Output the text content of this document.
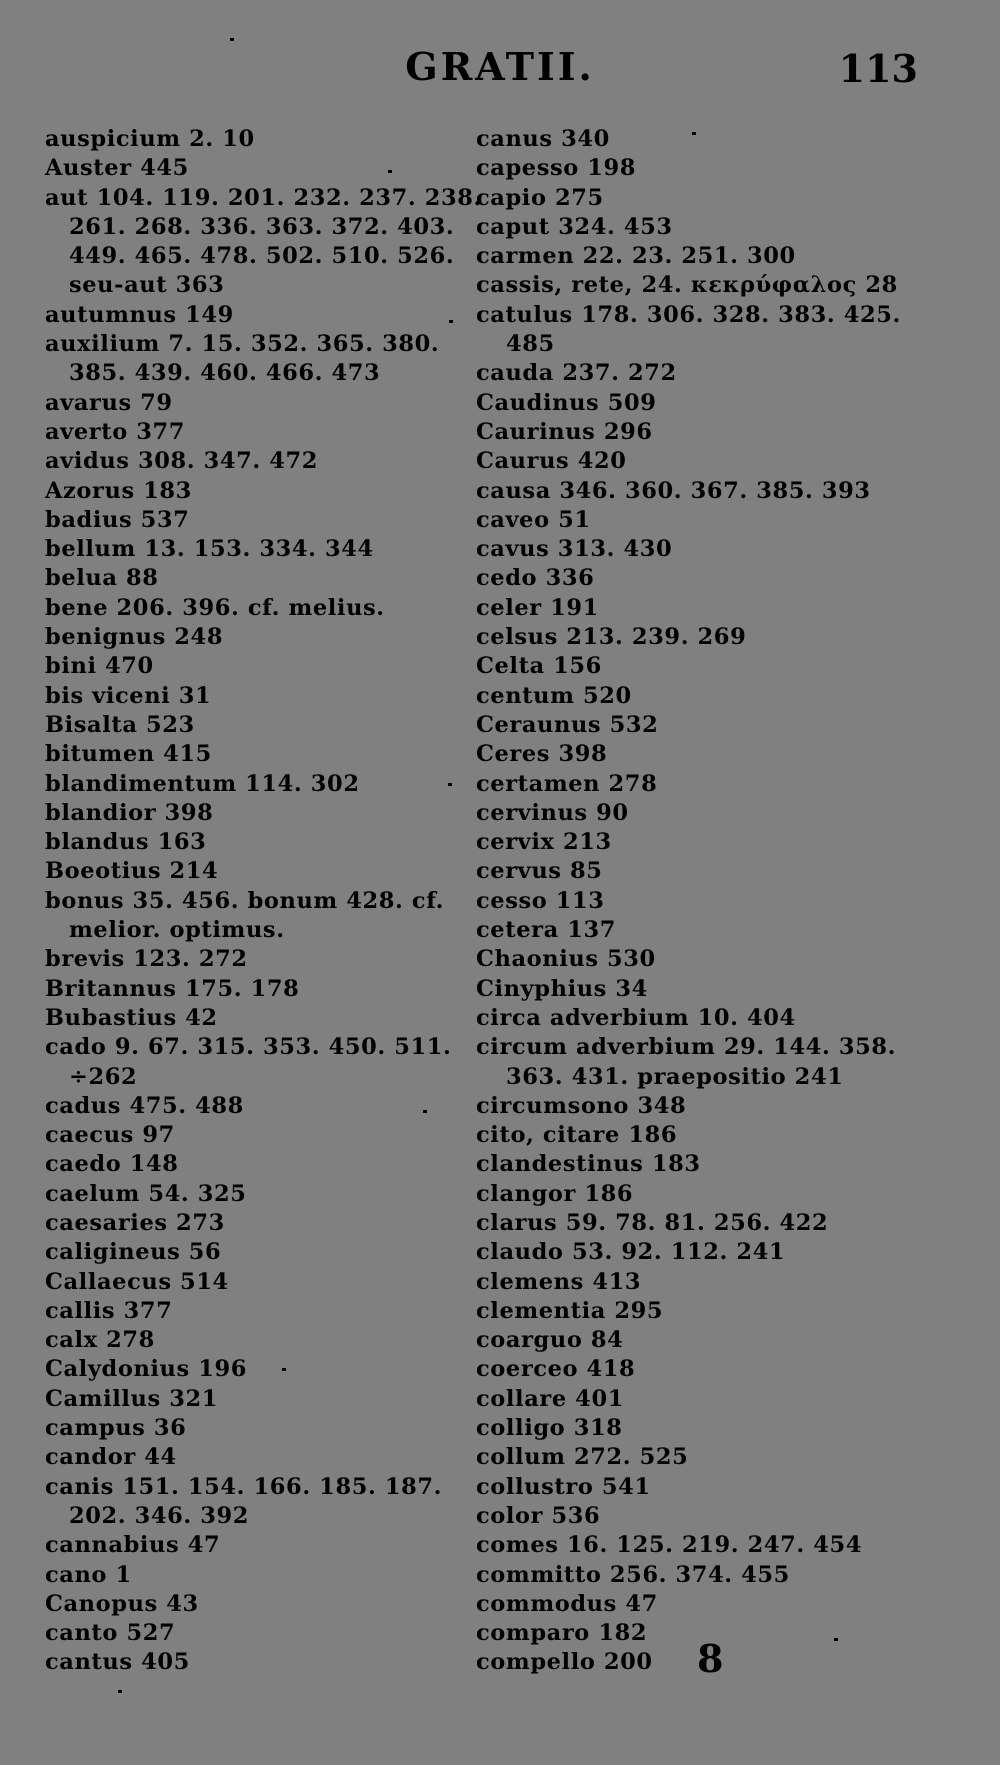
GRATII.	113
auspicium 2. 10
Auster 445
aut 104. 119. 201. 232. 237. 238.
261. 268. 336. 363. 372. 403.
449. 465. 478. 502. 510. 526.
seu-aut 363
autumnus 149
auxilium 7. 15. 352. 365. 380.
385. 439. 460. 466. 473
avarus 79
averto 377
avidus 308. 347. 472
Azorus 183
badius 537
bellum 13. 153. 334. 344
belua 88
bene 206. 396. cf. melius.
benignus 248
bini 470
bis viceni 31
Bisalta 523
bitumen 415
blandimentum 114. 302
blandior 398
blandus 163
Boeotius 214
bonus 35. 456. bonum 428. cf.
melior. optimus.
brevis 123. 272
Britannus 175. 178
Bubastius 42
cado 9. 67. 315. 353. 450. 511.
÷262
cadus 475. 488
caecus 97
caedo 148
caelum 54. 325
caesaries 273
caligineus 56
Callaecus 514
callis 377
calx 278
Calydonius 196
Camillus 321
campus 36
candor 44
canis 151. 154. 166. 185. 187.
202. 346. 392
cannabius 47
cano 1
Canopus 43
canto 527
cantus 405
canus 340
capesso 198
capio 275
caput 324. 453
carmen 22. 23. 251. 300
cassis, rete, 24. κεκρύφαλος 28
catulus 178. 306. 328. 383. 425.
485
cauda 237. 272
Caudinus 509
Caurinus 296
Caurus 420
causa 346. 360. 367. 385. 393
caveo 51
cavus 313. 430
cedo 336
celer 191
celsus 213. 239. 269
Celta 156
centum 520
Ceraunus 532
Ceres 398
certamen 278
cervinus 90
cervix 213
cervus 85
cesso 113
cetera 137
Chaonius 530
Cinyphius 34
circa adverbium 10. 404
circum adverbium 29. 144. 358.
363. 431. praepositio 241
circumsono 348
cito, citare 186
clandestinus 183
clangor 186
clarus 59. 78. 81. 256. 422
claudo 53. 92. 112. 241
clemens 413
clementia 295
coarguo 84
coerceo 418
collare 401
colligo 318
collum 272. 525
collustro 541
color 536
comes 16. 125. 219. 247. 454
committo 256. 374. 455
commodus 47
comparo 182
compello 200	8
